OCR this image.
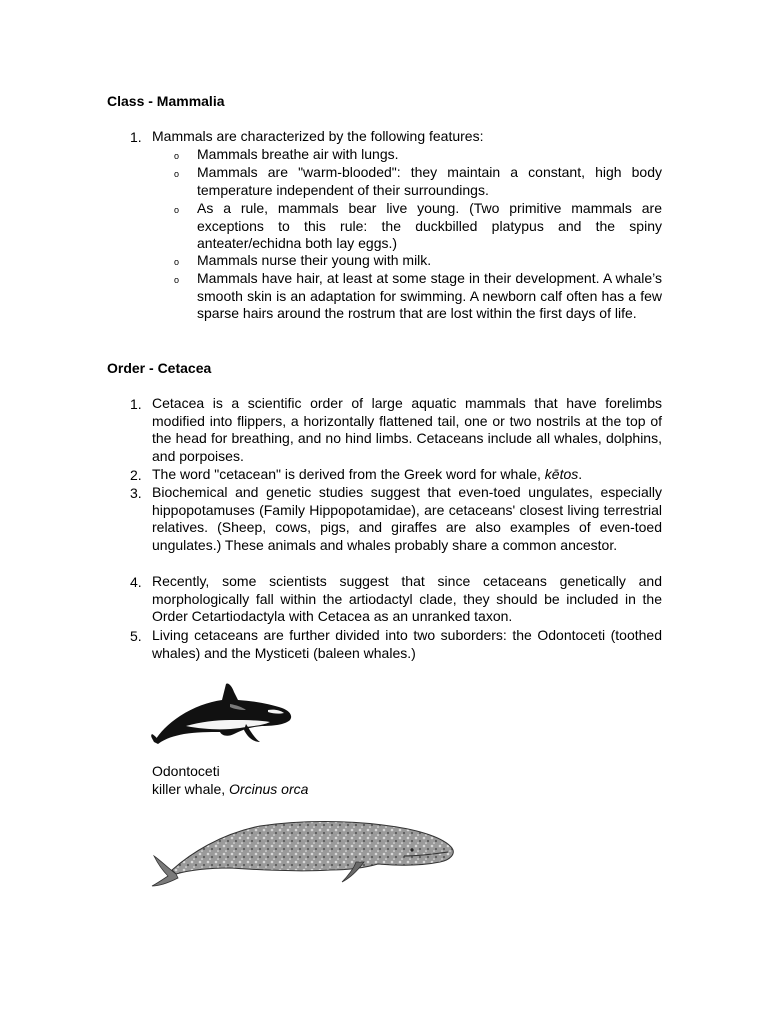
Class - Mammalia
1. Mammals are characterized by the following features:
o Mammals breathe air with lungs.
o Mammals are "warm-blooded": they maintain a constant, high body temperature independent of their surroundings.
o As a rule, mammals bear live young. (Two primitive mammals are exceptions to this rule: the duckbilled platypus and the spiny anteater/echidna both lay eggs.)
o Mammals nurse their young with milk.
o Mammals have hair, at least at some stage in their development. A whale’s smooth skin is an adaptation for swimming. A newborn calf often has a few sparse hairs around the rostrum that are lost within the first days of life.
Order - Cetacea
1. Cetacea is a scientific order of large aquatic mammals that have forelimbs modified into flippers, a horizontally flattened tail, one or two nostrils at the top of the head for breathing, and no hind limbs. Cetaceans include all whales, dolphins, and porpoises.
2. The word "cetacean" is derived from the Greek word for whale, kētos.
3. Biochemical and genetic studies suggest that even-toed ungulates, especially hippopotamuses (Family Hippopotamidae), are cetaceans' closest living terrestrial relatives. (Sheep, cows, pigs, and giraffes are also examples of even-toed ungulates.) These animals and whales probably share a common ancestor.
4. Recently, some scientists suggest that since cetaceans genetically and morphologically fall within the artiodactyl clade, they should be included in the Order Cetartiodactyla with Cetacea as an unranked taxon.
5. Living cetaceans are further divided into two suborders: the Odontoceti (toothed whales) and the Mysticeti (baleen whales.)
Odontoceti
killer whale, Orcinus orca
